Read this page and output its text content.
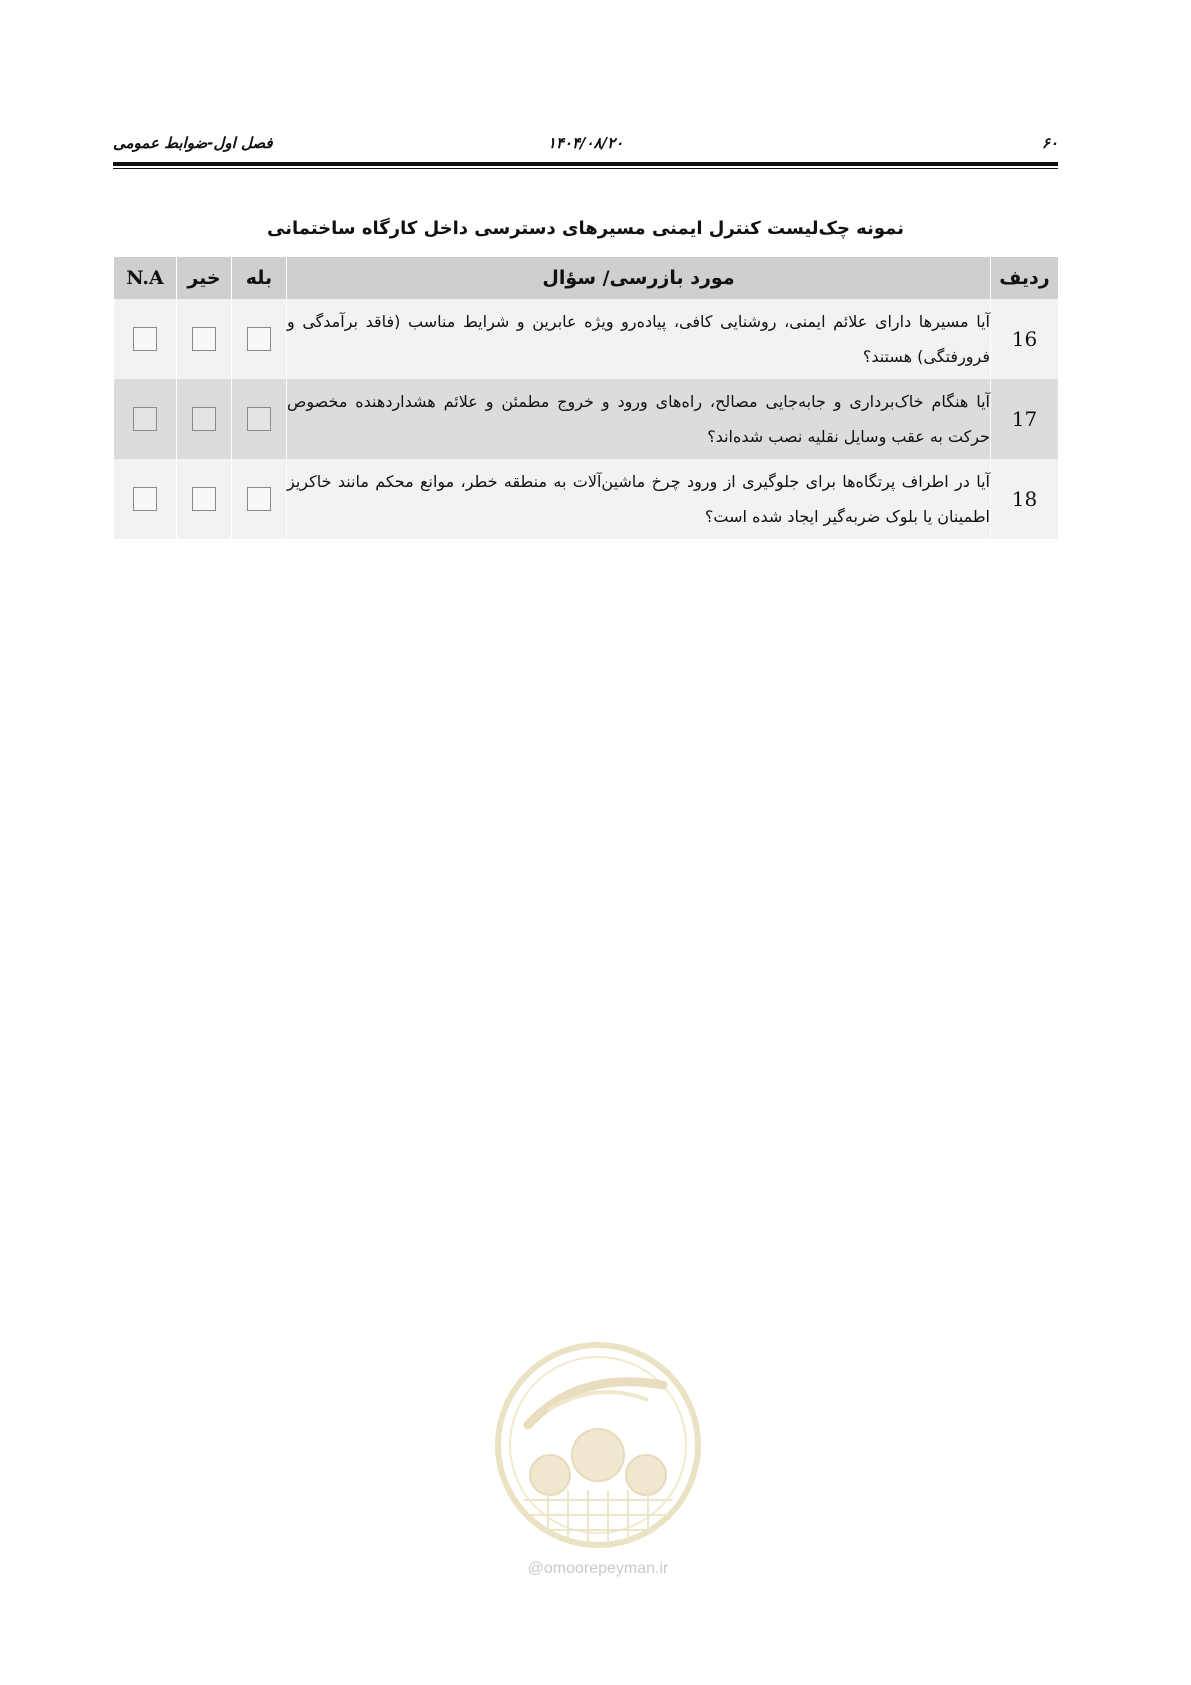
۶۰
۱۴۰۴/۰۸/۲۰
فصل اول-ضوابط عمومی
نمونه چک‌لیست کنترل ایمنی مسیرهای دسترسی داخل کارگاه ساختمانی
ردیف	مورد بازرسی/ سؤال	بله	خیر	N.A
16	آیا مسیرها دارای علائم ایمنی، روشنایی کافی، پیاده‌رو ویژه عابرین و شرایط مناسب (فاقد برآمدگی و فرورفتگی) هستند؟			
17	آیا هنگام خاک‌برداری و جابه‌جایی مصالح، راه‌های ورود و خروج مطمئن و علائم هشداردهنده مخصوص حرکت به عقب وسایل نقلیه نصب شده‌اند؟			
18	آیا در اطراف پرتگاه‌ها برای جلوگیری از ورود چرخ ماشین‌آلات به منطقه خطر، موانع محکم مانند خاکریز اطمینان یا بلوک ضربه‌گیر ایجاد شده است؟			
@omoorepeyman.ir
